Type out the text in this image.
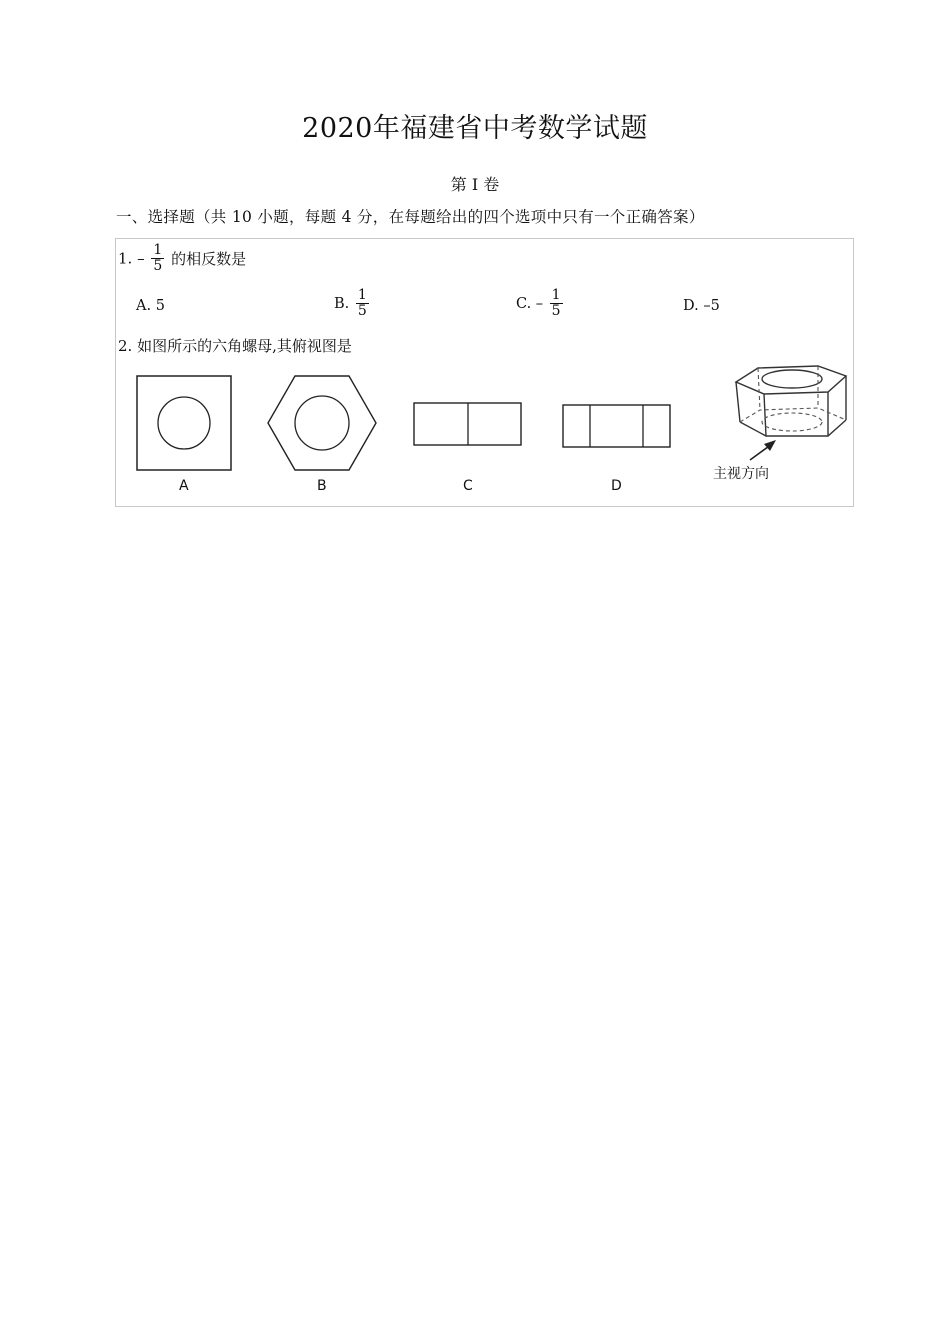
2020年福建省中考数学试题
第 I 卷
一、选择题（共 10 小题，每题 4 分，在每题给出的四个选项中只有一个正确答案）
1. – $\frac{1}{5}$ 的相反数是
A. 5	B. $\frac{1}{5}$	C. – $\frac{1}{5}$	D. –5
2. 如图所示的六角螺母,其俯视图是
A	B	C	D
主视方向
